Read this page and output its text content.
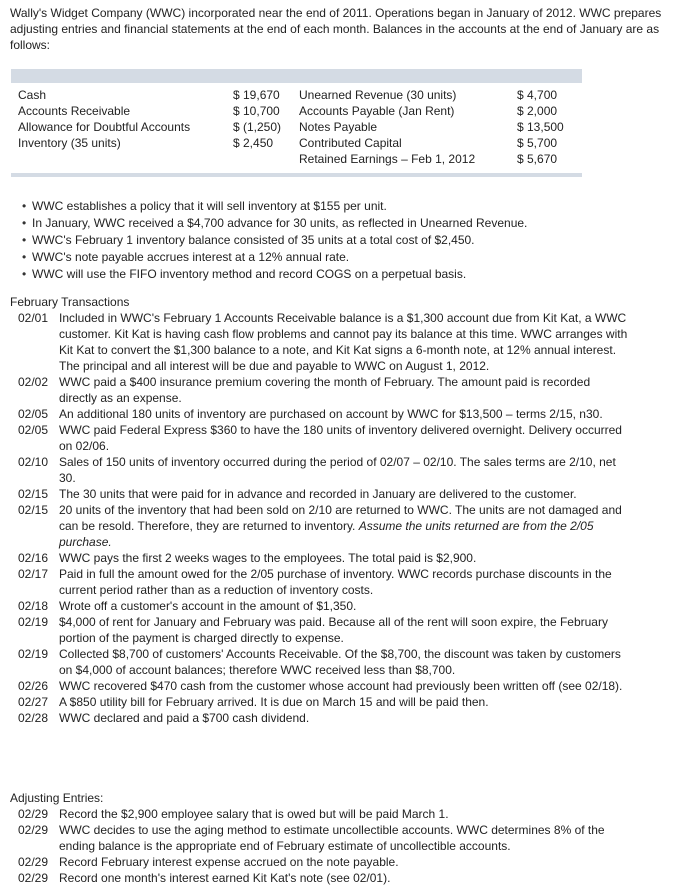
Wally's Widget Company (WWC) incorporated near the end of 2011. Operations began in January of 2012. WWC prepares adjusting entries and financial statements at the end of each month. Balances in the accounts at the end of January are as follows:

Cash
Accounts Receivable
Allowance for Doubtful Accounts
Inventory (35 units)
$ 19,670
$ 10,700
$ (1,250)
$ 2,450
Unearned Revenue (30 units)
Accounts Payable (Jan Rent)
Notes Payable
Contributed Capital
Retained Earnings – Feb 1, 2012
$ 4,700
$ 2,000
$ 13,500
$ 5,700
$ 5,670
• WWC establishes a policy that it will sell inventory at $155 per unit.
• In January, WWC received a $4,700 advance for 30 units, as reflected in Unearned Revenue.
• WWC's February 1 inventory balance consisted of 35 units at a total cost of $2,450.
• WWC's note payable accrues interest at a 12% annual rate.
• WWC will use the FIFO inventory method and record COGS on a perpetual basis.
February Transactions
02/01 Included in WWC's February 1 Accounts Receivable balance is a $1,300 account due from Kit Kat, a WWC customer. Kit Kat is having cash flow problems and cannot pay its balance at this time. WWC arranges with Kit Kat to convert the $1,300 balance to a note, and Kit Kat signs a 6-month note, at 12% annual interest. The principal and all interest will be due and payable to WWC on August 1, 2012.
02/02 WWC paid a $400 insurance premium covering the month of February. The amount paid is recorded directly as an expense.
02/05 An additional 180 units of inventory are purchased on account by WWC for $13,500 – terms 2/15, n30.
02/05 WWC paid Federal Express $360 to have the 180 units of inventory delivered overnight. Delivery occurred on 02/06.
02/10 Sales of 150 units of inventory occurred during the period of 02/07 – 02/10. The sales terms are 2/10, net 30.
02/15 The 30 units that were paid for in advance and recorded in January are delivered to the customer.
02/15 20 units of the inventory that had been sold on 2/10 are returned to WWC. The units are not damaged and can be resold. Therefore, they are returned to inventory. Assume the units returned are from the 2/05 purchase.
02/16 WWC pays the first 2 weeks wages to the employees. The total paid is $2,900.
02/17 Paid in full the amount owed for the 2/05 purchase of inventory. WWC records purchase discounts in the current period rather than as a reduction of inventory costs.
02/18 Wrote off a customer's account in the amount of $1,350.
02/19 $4,000 of rent for January and February was paid. Because all of the rent will soon expire, the February portion of the payment is charged directly to expense.
02/19 Collected $8,700 of customers' Accounts Receivable. Of the $8,700, the discount was taken by customers on $4,000 of account balances; therefore WWC received less than $8,700.
02/26 WWC recovered $470 cash from the customer whose account had previously been written off (see 02/18).
02/27 A $850 utility bill for February arrived. It is due on March 15 and will be paid then.
02/28 WWC declared and paid a $700 cash dividend.
Adjusting Entries:
02/29 Record the $2,900 employee salary that is owed but will be paid March 1.
02/29 WWC decides to use the aging method to estimate uncollectible accounts. WWC determines 8% of the ending balance is the appropriate end of February estimate of uncollectible accounts.
02/29 Record February interest expense accrued on the note payable.
02/29 Record one month's interest earned Kit Kat's note (see 02/01).
